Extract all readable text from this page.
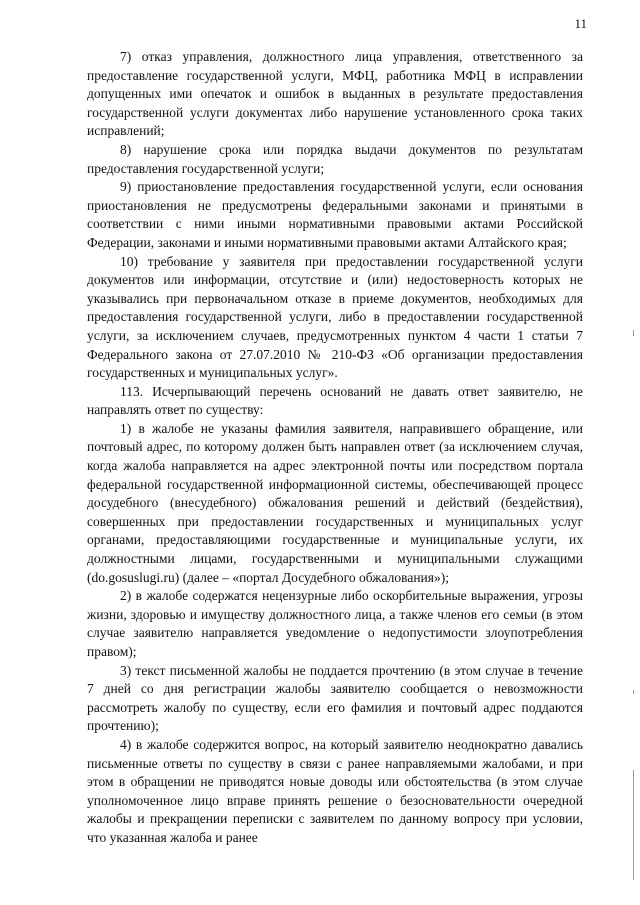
11

7) отказ управления, должностного лица управления, ответственного за предоставление государственной услуги, МФЦ, работника МФЦ в исправлении допущенных ими опечаток и ошибок в выданных в результате предоставления государственной услуги документах либо нарушение установленного срока таких исправлений;

8) нарушение срока или порядка выдачи документов по результатам предоставления государственной услуги;

9) приостановление предоставления государственной услуги, если основания приостановления не предусмотрены федеральными законами и принятыми в соответствии с ними иными нормативными правовыми актами Российской Федерации, законами и иными нормативными правовыми актами Алтайского края;

10) требование у заявителя при предоставлении государственной услуги документов или информации, отсутствие и (или) недостоверность которых не указывались при первоначальном отказе в приеме документов, необходимых для предоставления государственной услуги, либо в предоставлении государственной услуги, за исключением случаев, предусмотренных пунктом 4 части 1 статьи 7 Федерального закона от 27.07.2010 № 210-ФЗ «Об организации предоставления государственных и муниципальных услуг».

113. Исчерпывающий перечень оснований не давать ответ заявителю, не направлять ответ по существу:

1) в жалобе не указаны фамилия заявителя, направившего обращение, или почтовый адрес, по которому должен быть направлен ответ (за исключением случая, когда жалоба направляется на адрес электронной почты или посредством портала федеральной государственной информационной системы, обеспечивающей процесс досудебного (внесудебного) обжалования решений и действий (бездействия), совершенных при предоставлении государственных и муниципальных услуг органами, предоставляющими государственные и муниципальные услуги, их должностными лицами, государственными и муниципальными служащими (do.gosuslugi.ru) (далее – «портал Досудебного обжалования»);

2) в жалобе содержатся нецензурные либо оскорбительные выражения, угрозы жизни, здоровью и имуществу должностного лица, а также членов его семьи (в этом случае заявителю направляется уведомление о недопустимости злоупотребления правом);

3) текст письменной жалобы не поддается прочтению (в этом случае в течение 7 дней со дня регистрации жалобы заявителю сообщается о невозможности рассмотреть жалобу по существу, если его фамилия и почтовый адрес поддаются прочтению);

4) в жалобе содержится вопрос, на который заявителю неоднократно давались письменные ответы по существу в связи с ранее направляемыми жалобами, и при этом в обращении не приводятся новые доводы или обстоятельства (в этом случае уполномоченное лицо вправе принять решение о безосновательности очередной жалобы и прекращении переписки с заявителем по данному вопросу при условии, что указанная жалоба и ранее
